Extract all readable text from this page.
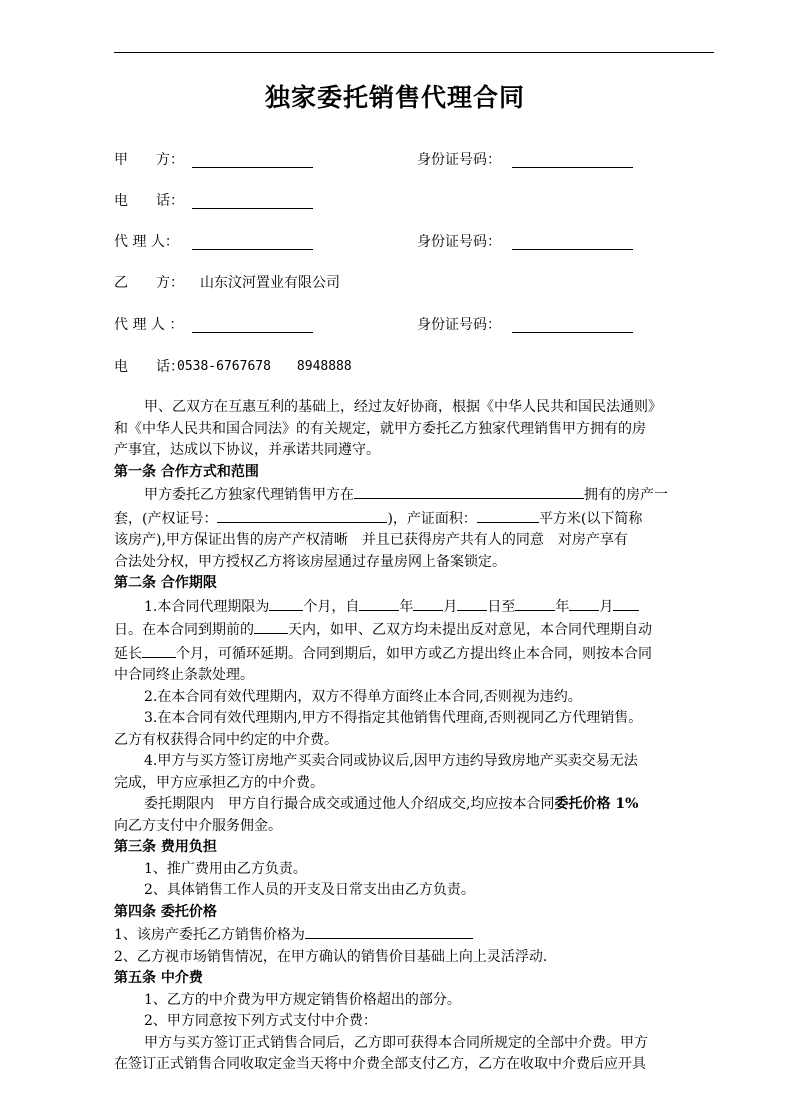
独家委托销售代理合同
甲　　方：	身份证号码：
电　　话：
代 理 人：	身份证号码：
乙　　方： 山东汶河置业有限公司
代 理 人 ：	身份证号码：
电　　话：
0538-6767678　　8948888

甲、乙双方在互惠互利的基础上，经过友好协商，根据《中华人民共和国民法通则》

和《中华人民共和国合同法》的有关规定，就甲方委托乙方独家代理销售甲方拥有的房

产事宜，达成以下协议，并承诺共同遵守。

第一条 合作方式和范围

甲方委托乙方独家代理销售甲方在	拥有的房产一

套，(产权证号：	)，产证面积：	平方米(以下简称

该房产),甲方保证出售的房产产权清晰　并且已获得房产共有人的同意　对房产享有

合法处分权，甲方授权乙方将该房屋通过存量房网上备案锁定。

第二条 合作期限

1.本合同代理期限为 个月，自	年 月 日至	年 月

日。在本合同到期前的 天内，如甲、乙双方均未提出反对意见，本合同代理期自动

延长 个月，可循环延期。合同到期后，如甲方或乙方提出终止本合同，则按本合同

中合同终止条款处理。

2.在本合同有效代理期内，双方不得单方面终止本合同,否则视为违约。

3.在本合同有效代理期内,甲方不得指定其他销售代理商,否则视同乙方代理销售。

乙方有权获得合同中约定的中介费。

4.甲方与买方签订房地产买卖合同或协议后,因甲方违约导致房地产买卖交易无法

完成，甲方应承担乙方的中介费。

委托期限内　甲方自行撮合成交或通过他人介绍成交,均应按本合同委托价格 1%

向乙方支付中介服务佣金。

第三条 费用负担

1、推广费用由乙方负责。

2、具体销售工作人员的开支及日常支出由乙方负责。

第四条 委托价格

1、该房产委托乙方销售价格为

2、乙方视市场销售情况，在甲方确认的销售价目基础上向上灵活浮动.

第五条 中介费

1、乙方的中介费为甲方规定销售价格超出的部分。

2、甲方同意按下列方式支付中介费：

甲方与买方签订正式销售合同后，乙方即可获得本合同所规定的全部中介费。甲方

在签订正式销售合同收取定金当天将中介费全部支付乙方，乙方在收取中介费后应开具
